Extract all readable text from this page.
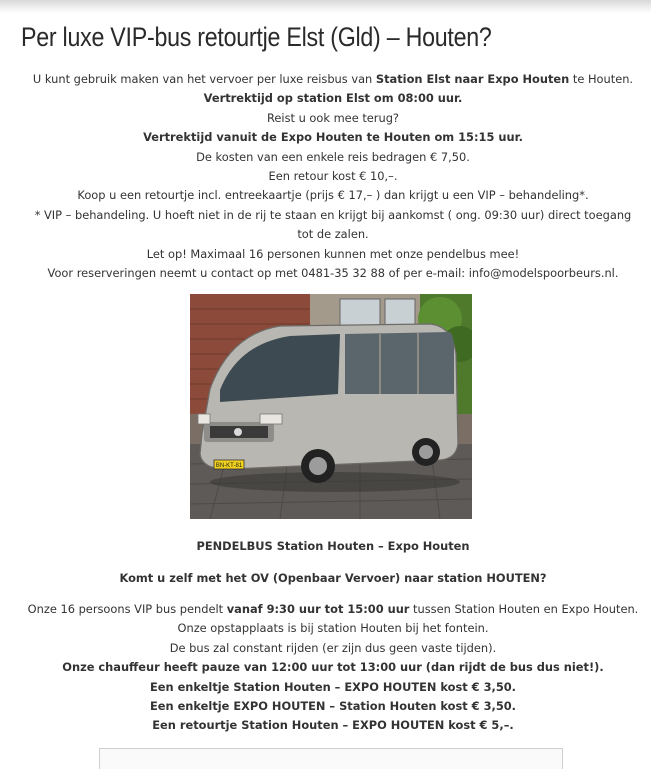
Per luxe VIP-bus retourtje Elst (Gld) – Houten?

U kunt gebruik maken van het vervoer per luxe reisbus van Station Elst naar Expo Houten te Houten.

Vertrektijd op station Elst om 08:00 uur.

Reist u ook mee terug?

Vertrektijd vanuit de Expo Houten te Houten om 15:15 uur.

De kosten van een enkele reis bedragen € 7,50.

Een retour kost € 10,–.

Koop u een retourtje incl. entreekaartje (prijs € 17,– ) dan krijgt u een VIP – behandeling*.

* VIP – behandeling. U hoeft niet in de rij te staan en krijgt bij aankomst ( ong. 09:30 uur) direct toegang

tot de zalen.

Let op! Maximaal 16 personen kunnen met onze pendelbus mee!

Voor reserveringen neemt u contact op met 0481-35 32 88 of per e-mail: info@modelspoorbeurs.nl.

BN-KT-81
PENDELBUS Station Houten – Expo Houten
Komt u zelf met het OV (Openbaar Vervoer) naar station HOUTEN?

Onze 16 persoons VIP bus pendelt vanaf 9:30 uur tot 15:00 uur tussen Station Houten en Expo Houten.

Onze opstapplaats is bij station Houten bij het fontein.

De bus zal constant rijden (er zijn dus geen vaste tijden).

Onze chauffeur heeft pauze van 12:00 uur tot 13:00 uur (dan rijdt de bus dus niet!).

Een enkeltje Station Houten – EXPO HOUTEN kost € 3,50.

Een enkeltje EXPO HOUTEN – Station Houten kost € 3,50.

Een retourtje Station Houten – EXPO HOUTEN kost € 5,–.
